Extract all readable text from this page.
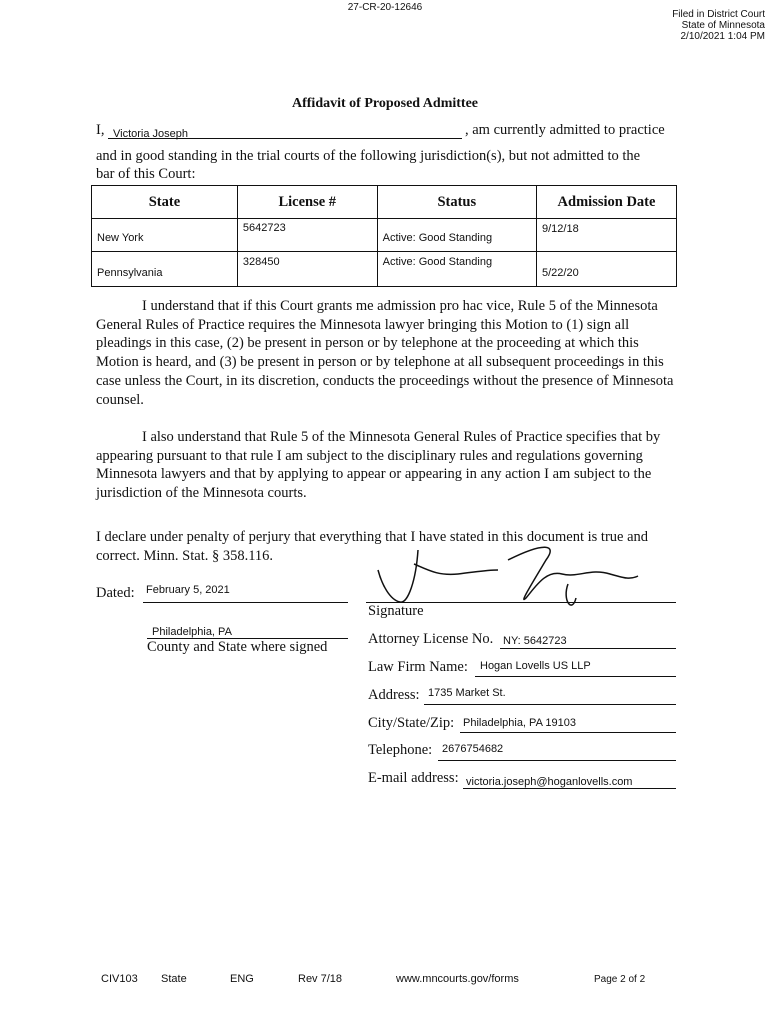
27-CR-20-12646
Filed in District Court
State of Minnesota
2/10/2021 1:04 PM
Affidavit of Proposed Admittee
I, Victoria Joseph	, am currently admitted to practice
and in good standing in the trial courts of the following jurisdiction(s), but not admitted to the
bar of this Court:
State	License #	Status	Admission Date
New York	5642723	Active: Good Standing	9/12/18
Pennsylvania	328450	Active: Good Standing	5/22/20
I understand that if this Court grants me admission pro hac vice, Rule 5 of the Minnesota General Rules of Practice requires the Minnesota lawyer bringing this Motion to (1) sign all pleadings in this case, (2) be present in person or by telephone at the proceeding at which this Motion is heard, and (3) be present in person or by telephone at all subsequent proceedings in this case unless the Court, in its discretion, conducts the proceedings without the presence of Minnesota counsel.
I also understand that Rule 5 of the Minnesota General Rules of Practice specifies that by appearing pursuant to that rule I am subject to the disciplinary rules and regulations governing Minnesota lawyers and that by applying to appear or appearing in any action I am subject to the jurisdiction of the Minnesota courts.
I declare under penalty of perjury that everything that I have stated in this document is true and correct. Minn. Stat. § 358.116.
Dated: February 5, 2021
Philadelphia, PA
County and State where signed
Signature
Attorney License No. NY: 5642723
Law Firm Name: Hogan Lovells US LLP
Address: 1735 Market St.
City/State/Zip: Philadelphia, PA 19103
Telephone: 2676754682
E-mail address: victoria.joseph@hoganlovells.com
CIV103 State	ENG	Rev 7/18	www.mncourts.gov/forms	Page 2 of 2
